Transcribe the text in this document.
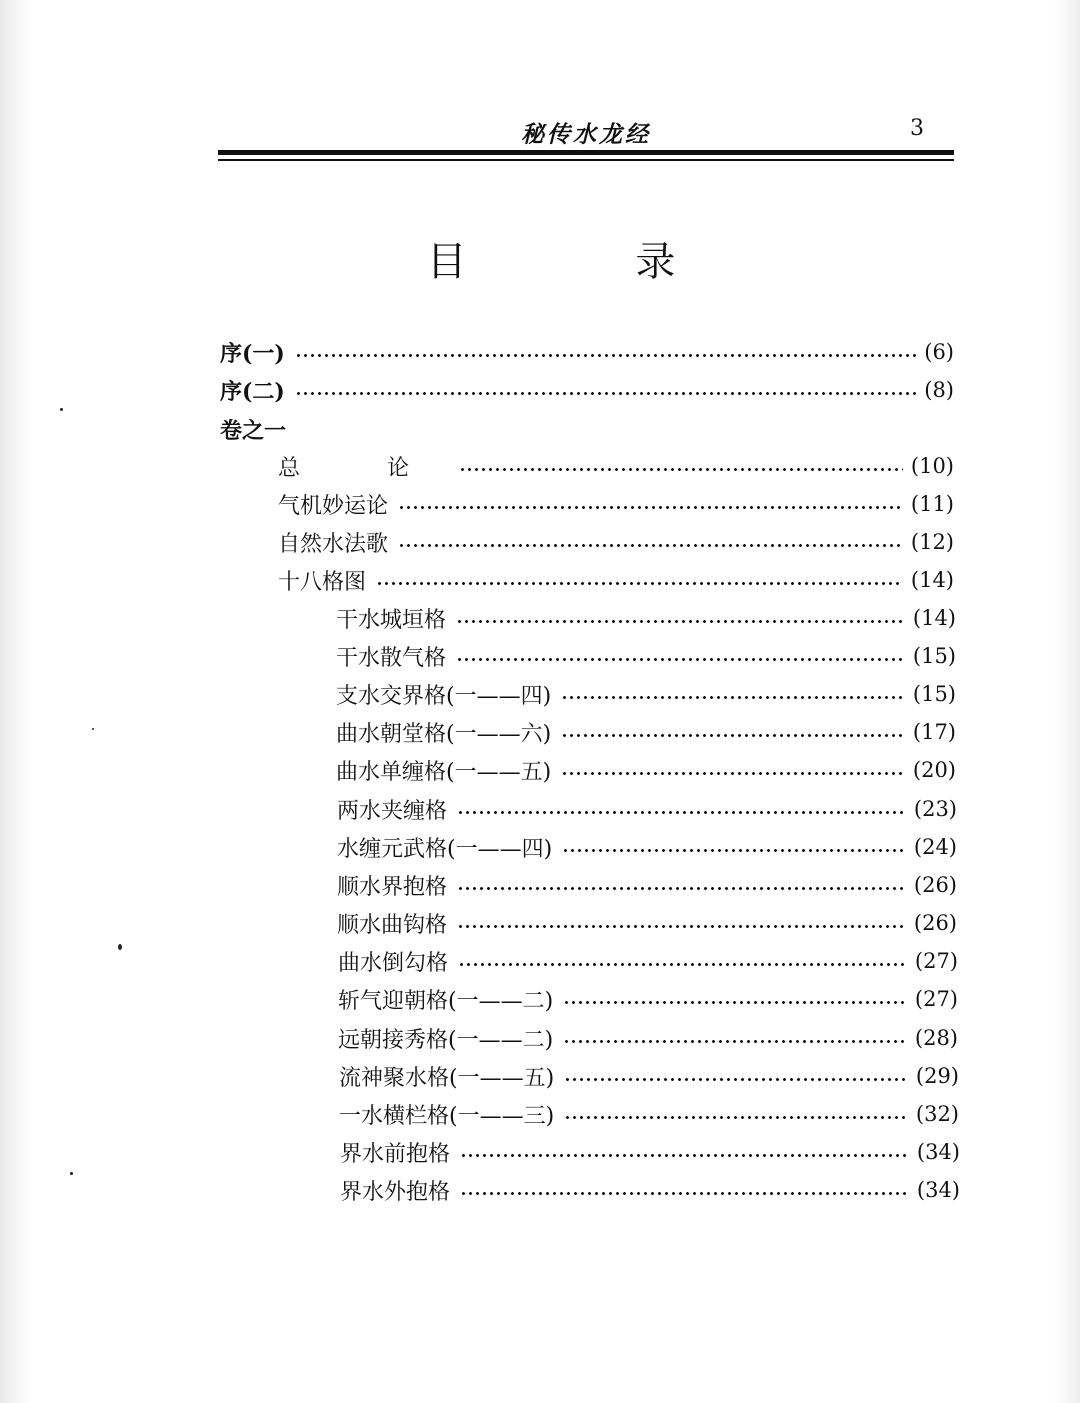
秘传水龙经	3
目 录
序(一)	(6)
序(二)	(8)
卷之一
总 论	(10)
气机妙运论	(11)
自然水法歌	(12)
十八格图	(14)
干水城垣格	(14)
干水散气格	(15)
支水交界格(一——四)	(15)
曲水朝堂格(一——六)	(17)
曲水单缠格(一——五)	(20)
两水夹缠格	(23)
水缠元武格(一——四)	(24)
顺水界抱格	(26)
顺水曲钩格	(26)
曲水倒勾格	(27)
斩气迎朝格(一——二)	(27)
远朝接秀格(一——二)	(28)
流神聚水格(一——五)	(29)
一水横栏格(一——三)	(32)
界水前抱格	(34)
界水外抱格	(34)
